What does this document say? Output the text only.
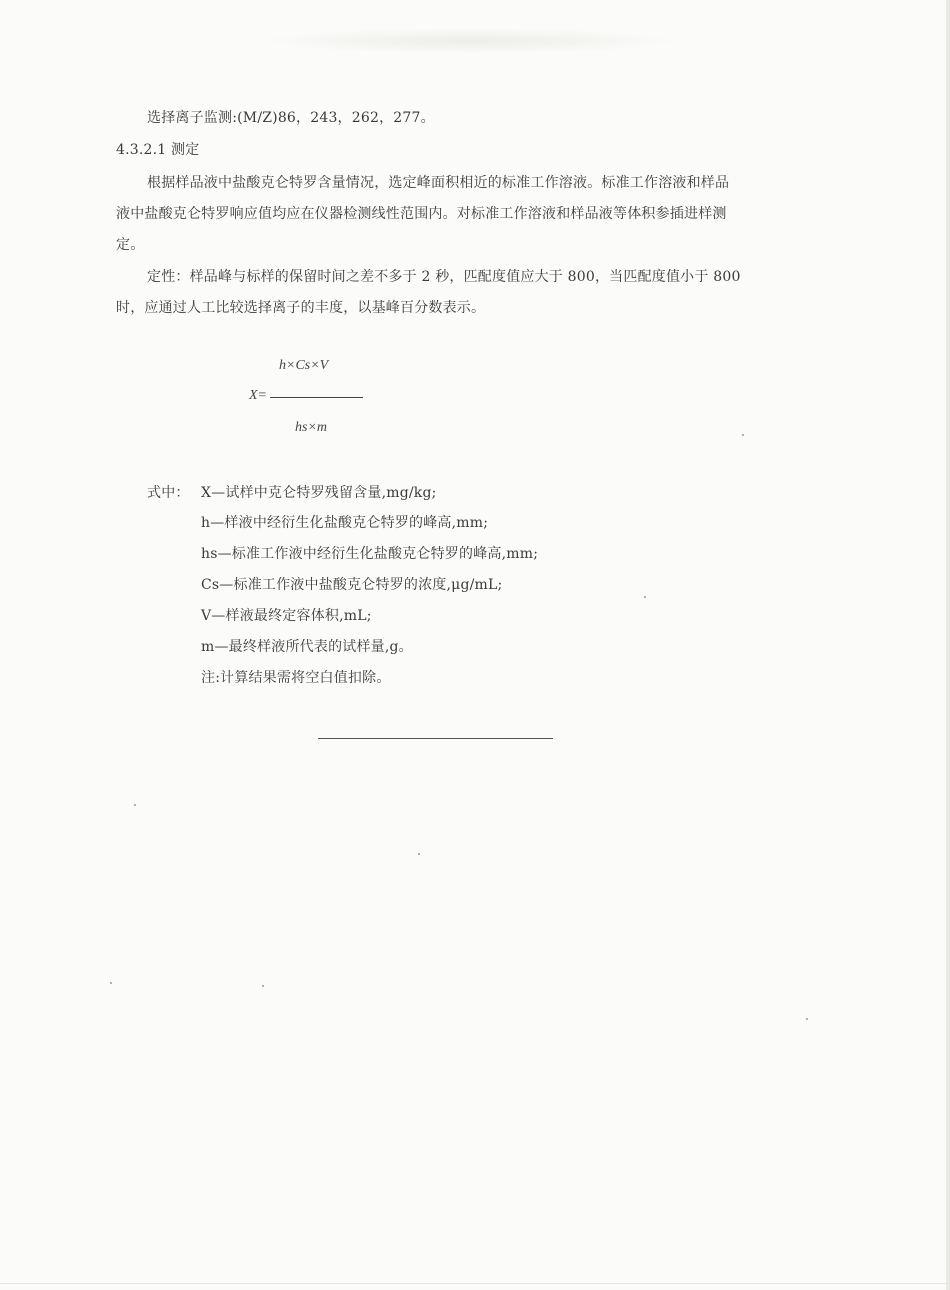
选择离子监测:(M/Z)86，243，262，277。
4.3.2.1 测定
根据样品液中盐酸克仑特罗含量情况，选定峰面积相近的标准工作溶液。标准工作溶液和样品
液中盐酸克仑特罗响应值均应在仪器检测线性范围内。对标准工作溶液和样品液等体积参插进样测
定。
定性：样品峰与标样的保留时间之差不多于 2 秒，匹配度值应大于 800，当匹配度值小于 800
时，应通过人工比较选择离子的丰度，以基峰百分数表示。
h×Cs×V
X=
hs×m
式中： X—试样中克仑特罗残留含量,mg/kg;
h—样液中经衍生化盐酸克仑特罗的峰高,mm;
hs—标准工作液中经衍生化盐酸克仑特罗的峰高,mm;
Cs—标准工作液中盐酸克仑特罗的浓度,μg/mL;
V—样液最终定容体积,mL;
m—最终样液所代表的试样量,g。
注:计算结果需将空白值扣除。
